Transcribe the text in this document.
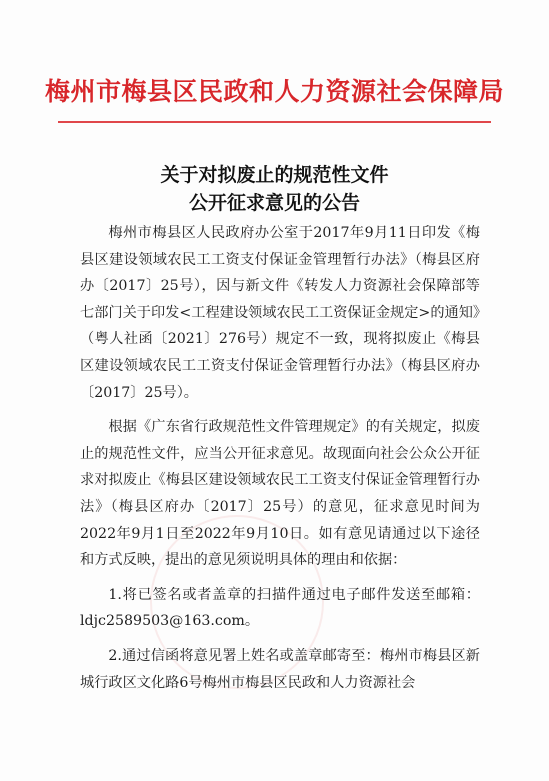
梅州市梅县区民政和人力资源社会保障局
关于对拟废止的规范性文件
公开征求意见的公告

梅州市梅县区人民政府办公室于2017年9月11日印发《梅县区建设领域农民工工资支付保证金管理暂行办法》（梅县区府办〔2017〕25号），因与新文件《转发人力资源社会保障部等七部门关于印发<工程建设领域农民工工资保证金规定>的通知》（粤人社函〔2021〕276号）规定不一致，现将拟废止《梅县区建设领域农民工工资支付保证金管理暂行办法》（梅县区府办〔2017〕25号）。

根据《广东省行政规范性文件管理规定》的有关规定，拟废止的规范性文件，应当公开征求意见。故现面向社会公众公开征求对拟废止《梅县区建设领域农民工工资支付保证金管理暂行办法》（梅县区府办〔2017〕25号）的意见，征求意见时间为2022年9月1日至2022年9月10日。如有意见请通过以下途径和方式反映，提出的意见须说明具体的理由和依据：

1.将已签名或者盖章的扫描件通过电子邮件发送至邮箱：ldjc2589503@163.com。

2.通过信函将意见署上姓名或盖章邮寄至：梅州市梅县区新城行政区文化路6号梅州市梅县区民政和人力资源社会
